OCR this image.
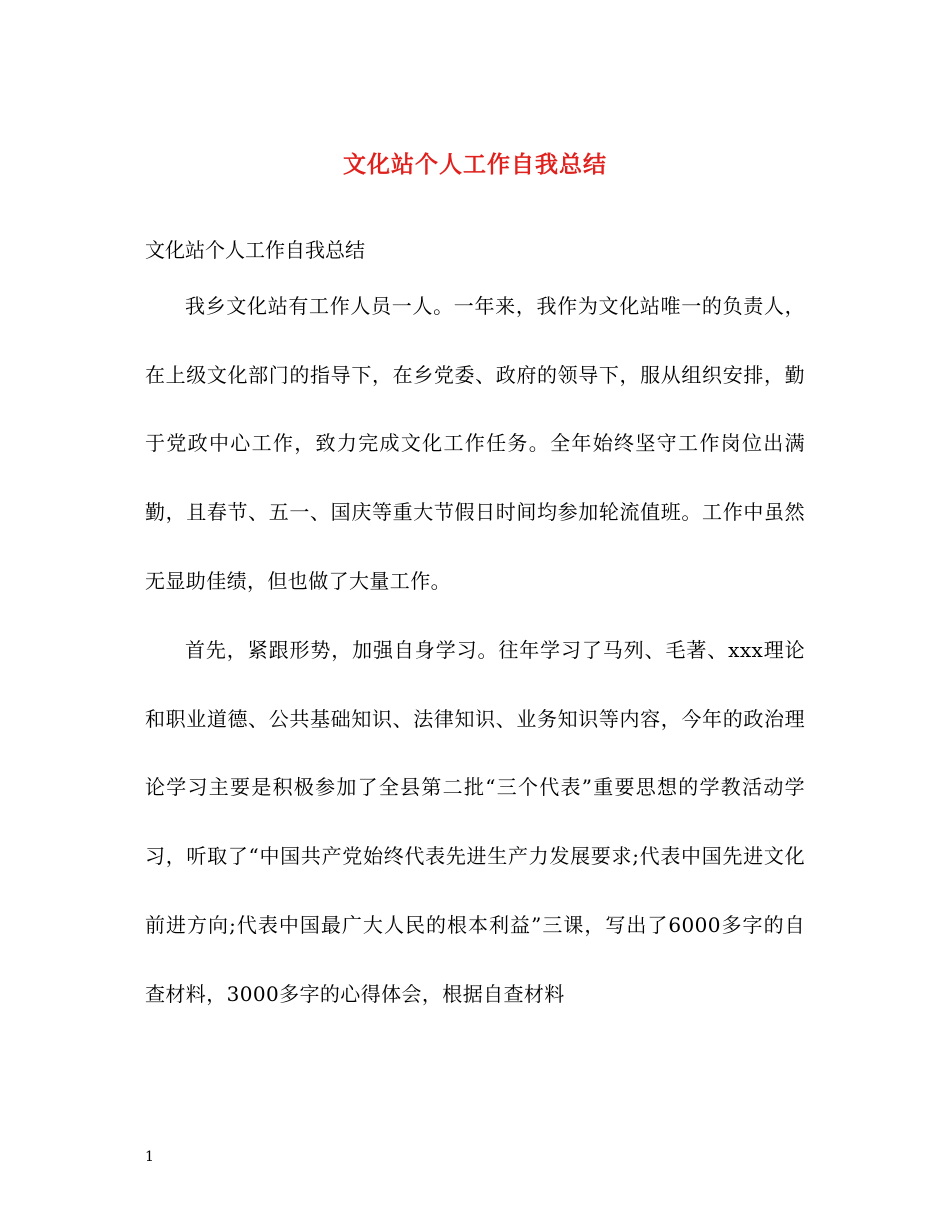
文化站个人工作自我总结
文化站个人工作自我总结

我乡文化站有工作人员一人。一年来，我作为文化站唯一的负责人，在上级文化部门的指导下，在乡党委、政府的领导下，服从组织安排，勤于党政中心工作，致力完成文化工作任务。全年始终坚守工作岗位出满勤，且春节、五一、国庆等重大节假日时间均参加轮流值班。工作中虽然无显助佳绩，但也做了大量工作。

首先，紧跟形势，加强自身学习。往年学习了马列、毛著、xxx理论和职业道德、公共基础知识、法律知识、业务知识等内容，今年的政治理论学习主要是积极参加了全县第二批“三个代表”重要思想的学教活动学习，听取了“中国共产党始终代表先进生产力发展要求;代表中国先进文化前进方向;代表中国最广大人民的根本利益”三课，写出了6000多字的自查材料，3000多字的心得体会，根据自查材料

1
